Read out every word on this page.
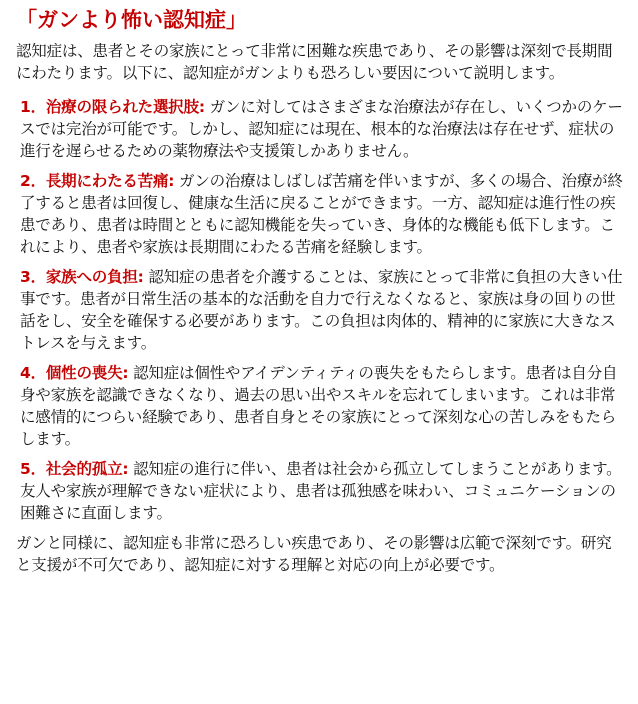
「ガンより怖い認知症」

認知症は、患者とその家族にとって非常に困難な疾患であり、その影響は深刻で長期間にわたります。以下に、認知症がガンよりも恐ろしい要因について説明します。

1．治療の限られた選択肢: ガンに対してはさまざまな治療法が存在し、いくつかのケースでは完治が可能です。しかし、認知症には現在、根本的な治療法は存在せず、症状の進行を遅らせるための薬物療法や支援策しかありません。

2．長期にわたる苦痛: ガンの治療はしばしば苦痛を伴いますが、多くの場合、治療が終了すると患者は回復し、健康な生活に戻ることができます。一方、認知症は進行性の疾患であり、患者は時間とともに認知機能を失っていき、身体的な機能も低下します。これにより、患者や家族は長期間にわたる苦痛を経験します。

3．家族への負担: 認知症の患者を介護することは、家族にとって非常に負担の大きい仕事です。患者が日常生活の基本的な活動を自力で行えなくなると、家族は身の回りの世話をし、安全を確保する必要があります。この負担は肉体的、精神的に家族に大きなストレスを与えます。

4．個性の喪失: 認知症は個性やアイデンティティの喪失をもたらします。患者は自分自身や家族を認識できなくなり、過去の思い出やスキルを忘れてしまいます。これは非常に感情的につらい経験であり、患者自身とその家族にとって深刻な心の苦しみをもたらします。

5．社会的孤立: 認知症の進行に伴い、患者は社会から孤立してしまうことがあります。友人や家族が理解できない症状により、患者は孤独感を味わい、コミュニケーションの困難さに直面します。

ガンと同様に、認知症も非常に恐ろしい疾患であり、その影響は広範で深刻です。研究と支援が不可欠であり、認知症に対する理解と対応の向上が必要です。
